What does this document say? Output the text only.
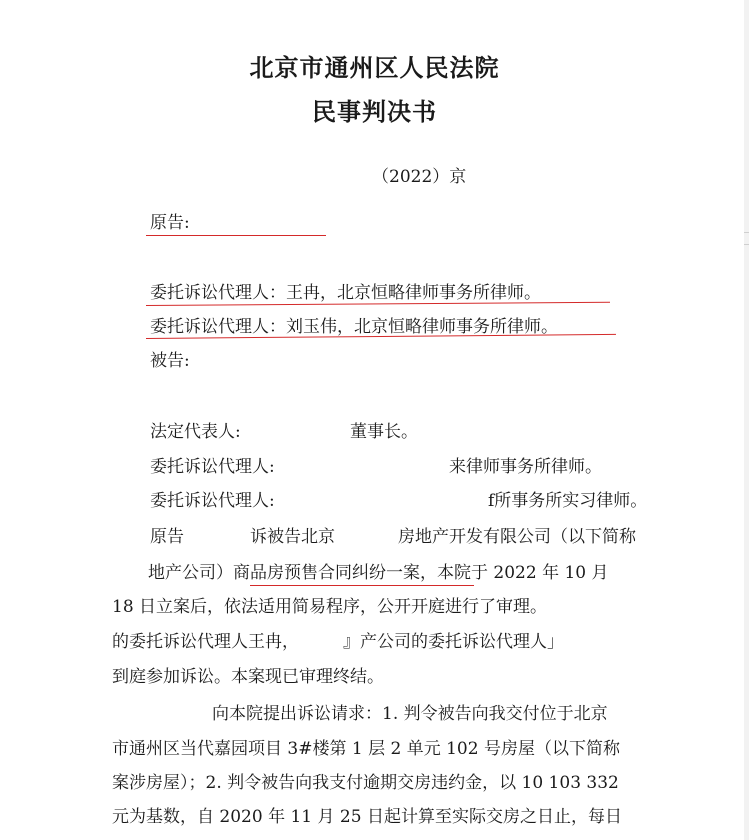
北京市通州区人民法院
民事判决书
（2022）京
原告:
委托诉讼代理人：王冉，北京恒略律师事务所律师。
委托诉讼代理人：刘玉伟，北京恒略律师事务所律师。
被告:
法定代表人:	董事长。
委托诉讼代理人:	来律师事务所律师。
委托诉讼代理人:	f所事务所实习律师。
原告	诉被告北京	房地产开发有限公司（以下简称
地产公司）商品房预售合同纠纷一案，本院于 2022 年 10 月
18 日立案后，依法适用简易程序，公开开庭进行了审理。
的委托诉讼代理人王冉，	』产公司的委托诉讼代理人」
到庭参加诉讼。本案现已审理终结。
向本院提出诉讼请求：1. 判令被告向我交付位于北京
市通州区当代嘉园项目 3#楼第 1 层 2 单元 102 号房屋（以下简称
案涉房屋）；2. 判令被告向我支付逾期交房违约金，以 10 103 332
元为基数，自 2020 年 11 月 25 日起计算至实际交房之日止，每日
